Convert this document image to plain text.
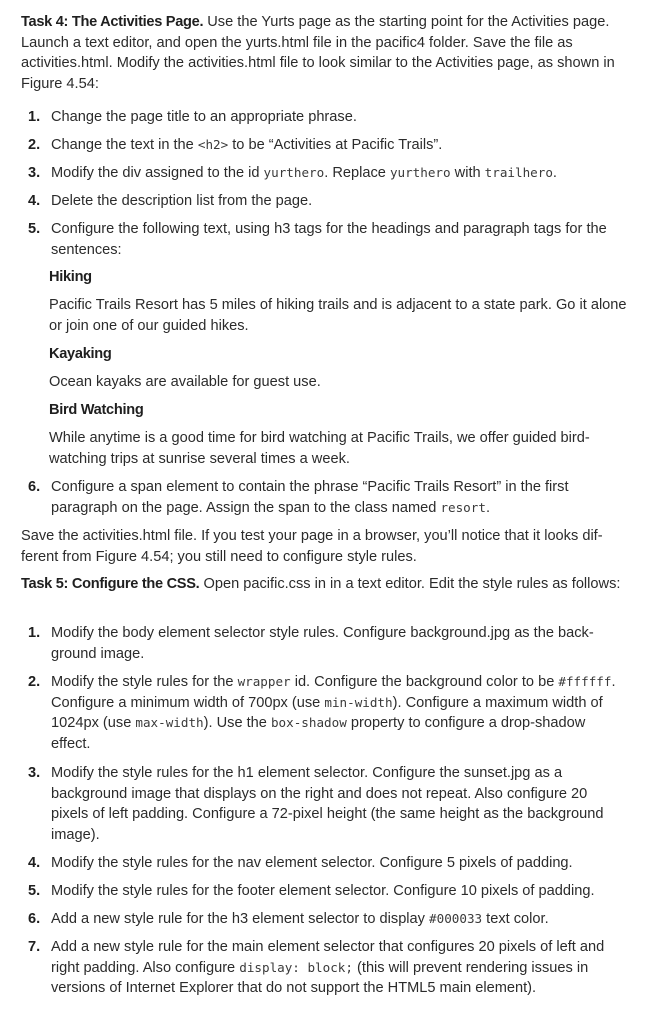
Task 4: The Activities Page. Use the Yurts page as the starting point for the Activities page. Launch a text editor, and open the yurts.html file in the pacific4 folder. Save the file as activities.html. Modify the activities.html file to look similar to the Activities page, as shown in Figure 4.54:

1. Change the page title to an appropriate phrase.
2. Change the text in the <h2> to be “Activities at Pacific Trails”.
3. Modify the div assigned to the id yurthero. Replace yurthero with trailhero.
4. Delete the description list from the page.
5. Configure the following text, using h3 tags for the headings and paragraph tags for the sentences:
Hiking
Pacific Trails Resort has 5 miles of hiking trails and is adjacent to a state park. Go it alone or join one of our guided hikes.
Kayaking
Ocean kayaks are available for guest use.
Bird Watching
While anytime is a good time for bird watching at Pacific Trails, we offer guided bird-watching trips at sunrise several times a week.
6. Configure a span element to contain the phrase “Pacific Trails Resort” in the first paragraph on the page. Assign the span to the class named resort.

Save the activities.html file. If you test your page in a browser, you’ll notice that it looks dif-ferent from Figure 4.54; you still need to configure style rules.

Task 5: Configure the CSS. Open pacific.css in in a text editor. Edit the style rules as follows:

1. Modify the body element selector style rules. Configure background.jpg as the back-ground image.
2. Modify the style rules for the wrapper id. Configure the background color to be #ffffff. Configure a minimum width of 700px (use min-width). Configure a maximum width of 1024px (use max-width). Use the box-shadow property to configure a drop-shadow effect.
3. Modify the style rules for the h1 element selector. Configure the sunset.jpg as a background image that displays on the right and does not repeat. Also configure 20 pixels of left padding. Configure a 72-pixel height (the same height as the background image).
4. Modify the style rules for the nav element selector. Configure 5 pixels of padding.
5. Modify the style rules for the footer element selector. Configure 10 pixels of padding.
6. Add a new style rule for the h3 element selector to display #000033 text color.
7. Add a new style rule for the main element selector that configures 20 pixels of left and right padding. Also configure display: block; (this will prevent rendering issues in versions of Internet Explorer that do not support the HTML5 main element).
